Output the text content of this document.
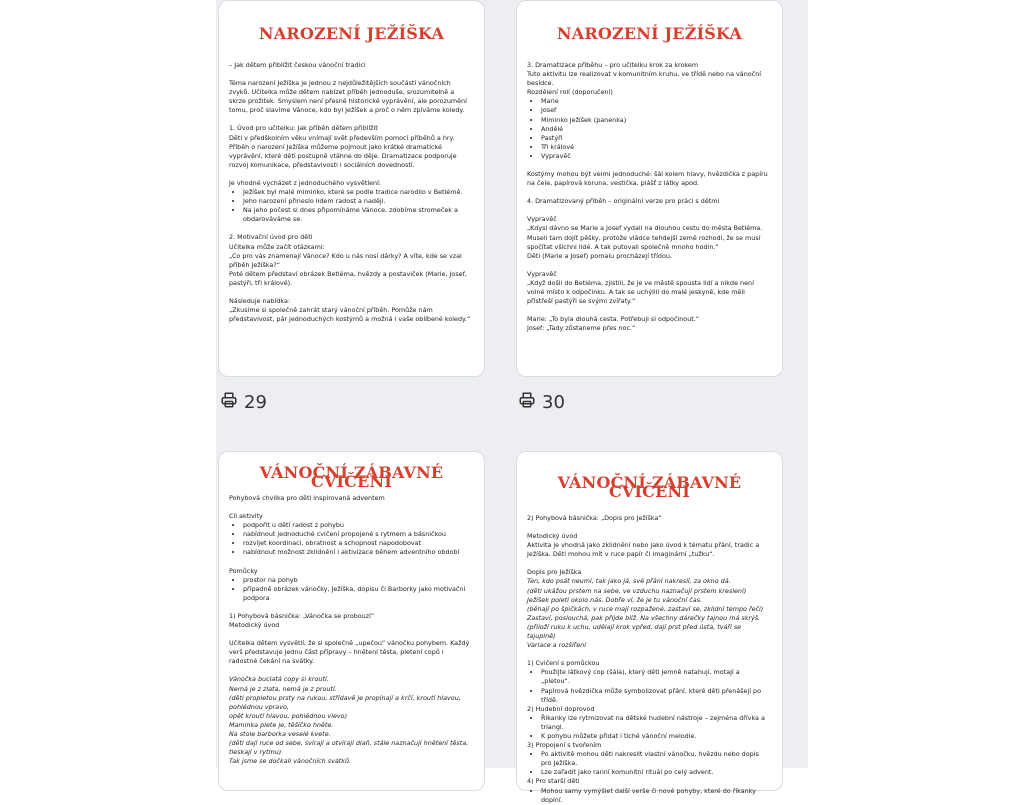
NAROZENÍ JEŽÍŠKA

– Jak dětem přiblížit českou vánoční tradici

Téma narození Ježíška je jednou z nejdůležitějších součástí vánočních zvyků. Učitelka může dětem nabízet příběh jednoduše, srozumitelně a skrze prožitek. Smyslem není přesné historické vyprávění, ale porozumění tomu, proč slavíme Vánoce, kdo byl Ježíšek a proč o něm zpíváme koledy.

1. Úvod pro učitelku: Jak příběh dětem přiblížit

Děti v předškolním věku vnímají svět především pomocí příběhů a hry. Příběh o narození Ježíška můžeme pojmout jako krátké dramatické vyprávění, které děti postupně vtáhne do děje. Dramatizace podporuje rozvoj komunikace, představivosti i sociálních dovedností.

Je vhodné vycházet z jednoduchého vysvětlení:

• Ježíšek byl malé miminko, které se podle tradice narodilo v Betlémě.
• Jeho narození přineslo lidem radost a naději.
• Na jeho počest si dnes připomínáme Vánoce, zdobíme stromeček a obdarováváme se.

2. Motivační úvod pro děti

Učitelka může začít otázkami:

„Co pro vás znamenají Vánoce? Kdo u nás nosí dárky? A víte, kde se vzal příběh Ježíška?“

Poté dětem představí obrázek Betléma, hvězdy a postaviček (Marie, Josef, pastýři, tři králové).

Následuje nabídka:

„Zkusíme si společně zahrát starý vánoční příběh. Pomůže nám představivost, pár jednoduchých kostýmů a možná i vaše oblíbené koledy.“

NAROZENÍ JEŽÍŠKA

3. Dramatizace příběhu – pro učitelku krok za krokem

Tuto aktivitu lze realizovat v komunitním kruhu, ve třídě nebo na vánoční besídce.

Rozdělení rolí (doporučení)

• Marie
• Josef
• Miminko Ježíšek (panenka)
• Andělé
• Pastýři
• Tři králové
• Vypravěč

Kostýmy mohou být velmi jednoduché: šál kolem hlavy, hvězdička z papíru na čele, papírová koruna, vestička, plášť z látky apod.

4. Dramatizovaný příběh – originální verze pro práci s dětmi

Vypravěč

„Kdysi dávno se Marie a Josef vydali na dlouhou cestu do města Betléma. Museli tam dojít pěšky, protože vládce tehdejší země rozhodl, že se musí spočítat všichni lidé. A tak putovali společně mnoho hodin.“

Děti (Marie a Josef) pomalu procházejí třídou.

Vypravěč

„Když došli do Betléma, zjistili, že je ve městě spousta lidí a nikde není volné místo k odpočinku. A tak se uchýlili do malé jeskyně, kde měli přístřeší pastýři se svými zvířaty.“

Marie: „To byla dlouhá cesta. Potřebuji si odpočinout.“

Josef: „Tady zůstaneme přes noc.“

29	30
VÁNOČNÍ ZÁBAVNÉ CVIČENÍ

Pohybová chvilka pro děti inspirovaná adventem

Cíl aktivity

• podpořit u dětí radost z pohybu
• nabídnout jednoduché cvičení propojené s rytmem a básničkou
• rozvíjet koordinaci, obratnost a schopnost napodobovat
• nabídnout možnost zklidnění i aktivizace během adventního období

Pomůcky

• prostor na pohyb
• případně obrázek vánočky, Ježíška, dopisu či Barborky jako motivační podpora

1) Pohybová básnička: „Vánočka se probouzí“

Metodický úvod

Učitelka dětem vysvětlí, že si společně „upečou“ vánočku pohybem. Každý verš představuje jednu část přípravy – hnětení těsta, pletení copů i radostné čekání na svátky.

Vánočka buclatá copy si kroutí.

Nemá je z zlata, nemá je z proutí.

(děti propletou prsty na rukou, střídavě je propínají a krčí, kroutí hlavou, pohlédnou vpravo,

opět kroutí hlavou, pohlédnou vlevo)

Maminka plete je, těšíčko hněte.

Na stole barborka veselé kvete.

(děti dají ruce od sebe, svírají a otvírají dlaň, stále naznačují hnětení těsta, tleskají v rytmu)

Tak jsme se dočkali vánočních svátků.

VÁNOČNÍ ZÁBAVNÉ CVIČENÍ

2) Pohybová básnička: „Dopis pro Ježíška“

Metodický úvod

Aktivita je vhodná jako zklidnění nebo jako úvod k tématu přání, tradic a Ježíška. Děti mohou mít v ruce papír či imaginární „tužku“.

Dopis pro Ježíška

Ten, kdo psát neumí, tak jako já, své přání nakreslí, za okno dá.

(děti ukážou prstem na sebe, ve vzduchu naznačují prstem kreslení)

Ježíšek poletí okolo nás. Dobře ví, že je tu vánoční čas.

(běhají po špičkách, v ruce mají rozpažené, zastaví se, zklidní tempo řeči)

Zastaví, poslouchá, pak přijde blíž. Na všechny dárečky tajnou má skrýš.

(přiloží ruku k uchu, udělají krok vpřed, dají prst před ústa, tváří se tajuplně)

Variace a rozšíření

1) Cvičení s pomůckou

• Použijte látkový cop (šála), který děti jemně natahují, motají a „pletou“.
• Papírová hvězdička může symbolizovat přání, které děti přenášejí po třídě.

2) Hudební doprovod

• Říkanky lze rytmizovat na dětské hudební nástroje – zejména dřívka a triangl.
• K pohybu můžete přidat i tiché vánoční melodie.

3) Propojení s tvořením

• Po aktivitě mohou děti nakreslit vlastní vánočku, hvězdu nebo dopis pro Ježíška.
• Lze zařadit jako ranní komunitní rituál po celý advent.

4) Pro starší děti

• Mohou samy vymýšlet další verše či nové pohyby, které do říkanky dopíní.
